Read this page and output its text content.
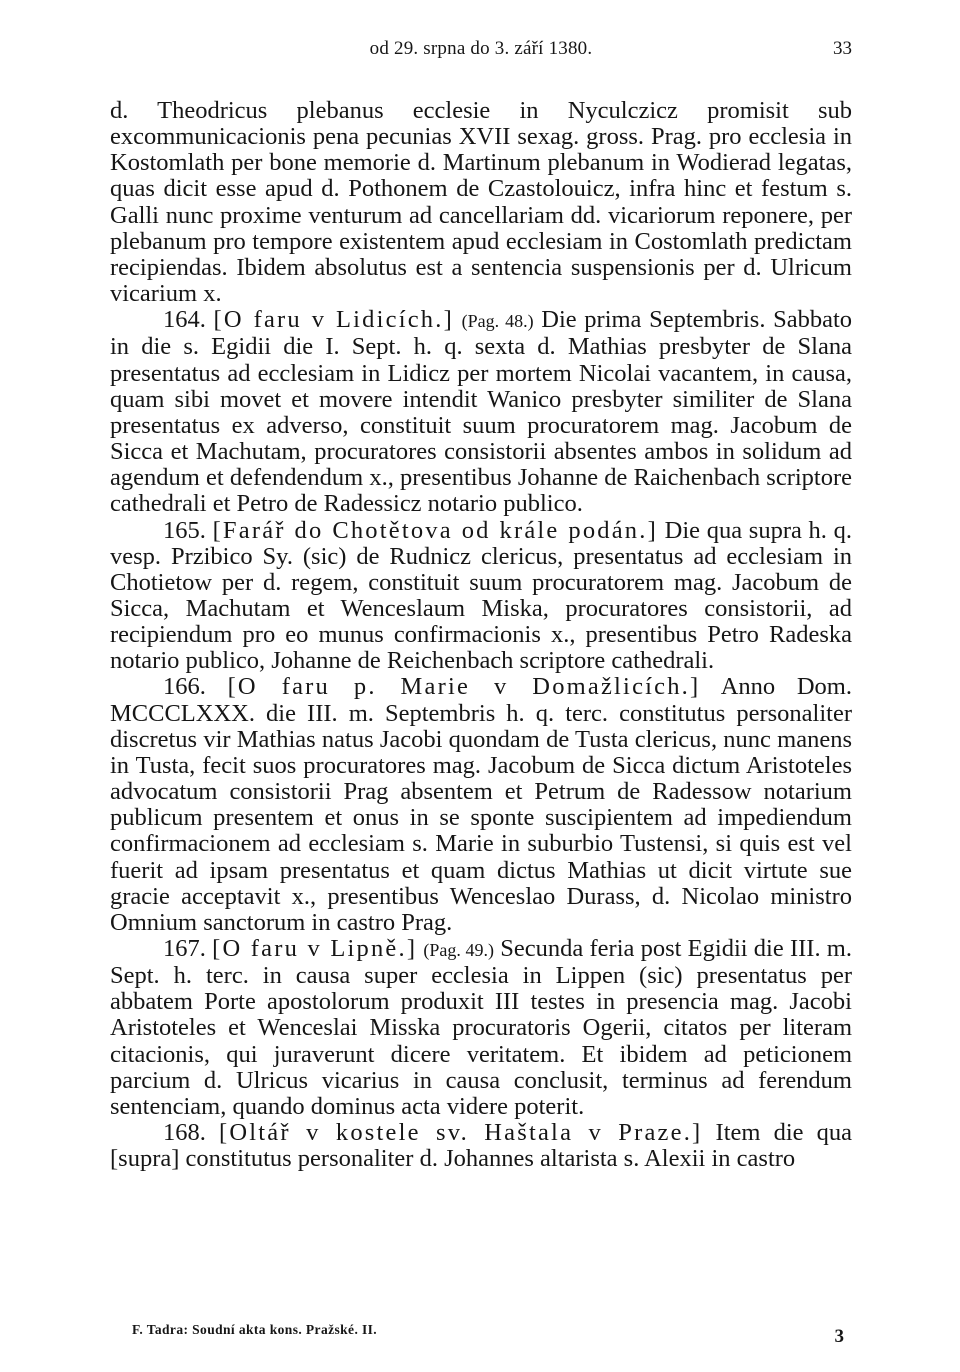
od 29. srpna do 3. září 1380.	33

d. Theodricus plebanus ecclesie in Nyculczicz promisit sub excommunicacionis pena pecunias XVII sexag. gross. Prag. pro ecclesia in Kostomlath per bone memorie d. Martinum plebanum in Wodierad legatas, quas dicit esse apud d. Pothonem de Czastolouicz, infra hinc et festum s. Galli nunc proxime venturum ad cancellariam dd. vicariorum reponere, per plebanum pro tempore existentem apud ecclesiam in Costomlath predictam recipiendas. Ibidem absolutus est a sentencia suspensionis per d. Ulricum vicarium x.

164. [O faru v Lidicích.] (Pag. 48.) Die prima Septembris. Sabbato in die s. Egidii die I. Sept. h. q. sexta d. Mathias presbyter de Slana presentatus ad ecclesiam in Lidicz per mortem Nicolai vacantem, in causa, quam sibi movet et movere intendit Wanico presbyter similiter de Slana presentatus ex adverso, constituit suum procuratorem mag. Jacobum de Sicca et Machutam, procuratores consistorii absentes ambos in solidum ad agendum et defendendum x., presentibus Johanne de Raichenbach scriptore cathedrali et Petro de Radessicz notario publico.

165. [Farář do Chotětova od krále podán.] Die qua supra h. q. vesp. Przibico Sy. (sic) de Rudnicz clericus, presentatus ad ecclesiam in Chotietow per d. regem, constituit suum procuratorem mag. Jacobum de Sicca, Machutam et Wenceslaum Miska, procuratores consistorii, ad recipiendum pro eo munus confirmacionis x., presentibus Petro Radeska notario publico, Johanne de Reichenbach scriptore cathedrali.

166. [O faru p. Marie v Domažlicích.] Anno Dom. MCCCLXXX. die III. m. Septembris h. q. terc. constitutus personaliter discretus vir Mathias natus Jacobi quondam de Tusta clericus, nunc manens in Tusta, fecit suos procuratores mag. Jacobum de Sicca dictum Aristoteles advocatum consistorii Prag absentem et Petrum de Radessow notarium publicum presentem et onus in se sponte suscipientem ad impediendum confirmacionem ad ecclesiam s. Marie in suburbio Tustensi, si quis est vel fuerit ad ipsam presentatus et quam dictus Mathias ut dicit virtute sue gracie acceptavit x., presentibus Wenceslao Durass, d. Nicolao ministro Omnium sanctorum in castro Prag.

167. [O faru v Lipně.] (Pag. 49.) Secunda feria post Egidii die III. m. Sept. h. terc. in causa super ecclesia in Lippen (sic) presentatus per abbatem Porte apostolorum produxit III testes in presencia mag. Jacobi Aristoteles et Wenceslai Misska procuratoris Ogerii, citatos per literam citacionis, qui juraverunt dicere veritatem. Et ibidem ad peticionem parcium d. Ulricus vicarius in causa conclusit, terminus ad ferendum sentenciam, quando dominus acta videre poterit.

168. [Oltář v kostele sv. Haštala v Praze.] Item die qua [supra] constitutus personaliter d. Johannes altarista s. Alexii in castro

F. Tadra: Soudní akta kons. Pražské. II.	3
